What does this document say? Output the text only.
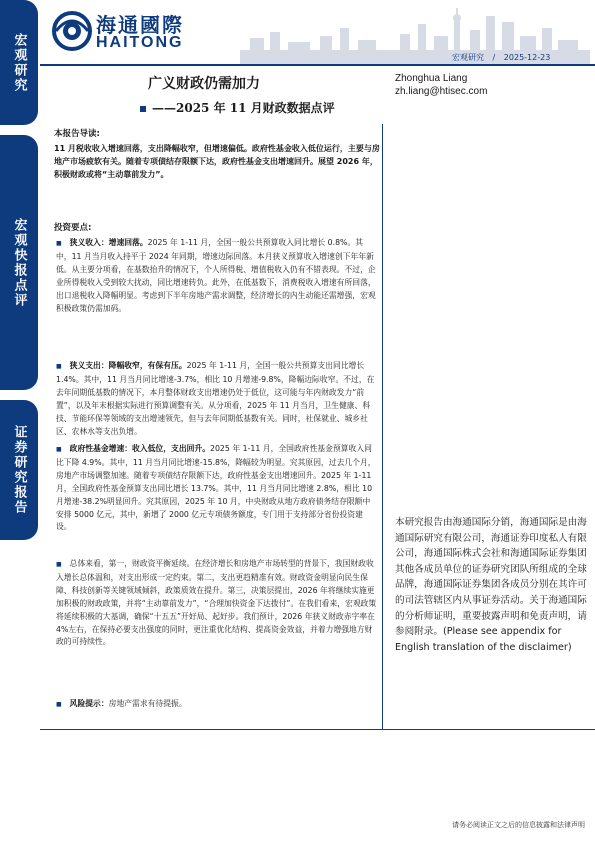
宏观研究
宏观快报点评
证券研究报告
海通國際
HAITONG
宏观研究 / 2025-12-23
广义财政仍需加力
——2025 年 11 月财政数据点评
Zhonghua Liang
zh.liang@htisec.com
本报告导读:
11 月税收收入增速回落，支出降幅收窄，但增速偏低。政府性基金收入低位运行，主要与房地产市场疲软有关。随着专项债结存限额下达，政府性基金支出增速回升。展望 2026 年，积极财政或将“主动靠前发力”。
投资要点:
■ 狭义收入：增速回落。2025 年 1-11 月，全国一般公共预算收入同比增长 0.8%。其中，11 月当月收入持平于 2024 年同期，增速边际回落。本月狭义预算收入增速创下年年新低。从主要分项看，在基数抬升的情况下，个人所得税、增值税收入仍有不错表现。不过，企业所得税收入受到较大扰动，同比增速转负。此外，在低基数下，消费税收入增速有所回落，出口退税收入降幅明显。考虑到下半年房地产需求调整，经济增长的内生动能还需增强，宏观积极政策仍需加码。
■ 狭义支出：降幅收窄，有保有压。2025 年 1-11 月，全国一般公共预算支出同比增长 1.4%。其中，11 月当月同比增速-3.7%，相比 10 月增速-9.8%，降幅边际收窄。不过，在去年同期低基数的情况下，本月整体财政支出增速仍处于低位，这可能与年内财政发力“前置”，以及年末根据实际进行预算调整有关。从分项看，2025 年 11 月当月，卫生健康、科技、节能环保等领域的支出增速领先，但与去年同期低基数有关。同时，社保就业、城乡社区、农林水等支出负增。
■ 政府性基金增速：收入低位，支出回升。2025 年 1-11 月，全国政府性基金预算收入同比下降 4.9%。其中，11 月当月同比增速-15.8%，降幅较为明显。究其原因，过去几个月，房地产市场调整加速。随着专项债结存限额下达，政府性基金支出增速回升。2025 年 1-11 月，全国政府性基金预算支出同比增长 13.7%。其中，11 月当月同比增速 2.8%，相比 10 月增速-38.2%明显回升。究其原因，2025 年 10 月，中央财政从地方政府债务结存限额中安排 5000 亿元，其中，新增了 2000 亿元专项债务额度，专门用于支持部分省份投资建设。
■ 总体来看，第一，财政资平衡延续。在经济增长和房地产市场转型的背景下，我国财政收入增长总体温和，对支出形成一定约束。第二，支出更趋精准有效。财政资金明显向民生保障、科技创新等关键领域倾斜，政策质效在提升。第三，决策层提出，2026 年将继续实施更加积极的财政政策，并将“主动靠前发力”，“合理加快资金下达拨付”。在我们看来，宏观政策将延续积极的大基调，确保“十五五”开好局、起好步。我们预计，2026 年狭义财政赤字率在 4%左右，在保持必要支出强度的同时，更注重优化结构、提高资金效益，并着力增强地方财政的可持续性。
■ 风险提示：房地产需求有待提振。
本研究报告由海通国际分销，海通国际是由海通国际研究有限公司，海通证券印度私人有限公司，海通国际株式会社和海通国际证券集团其他各成员单位的证券研究团队所组成的全球品牌，海通国际证券集团各成员分别在其许可的司法管辖区内从事证券活动。关于海通国际的分析师证明，重要披露声明和免责声明，请参阅附录。(Please see appendix for English translation of the disclaimer)
请务必阅读正文之后的信息披露和法律声明
